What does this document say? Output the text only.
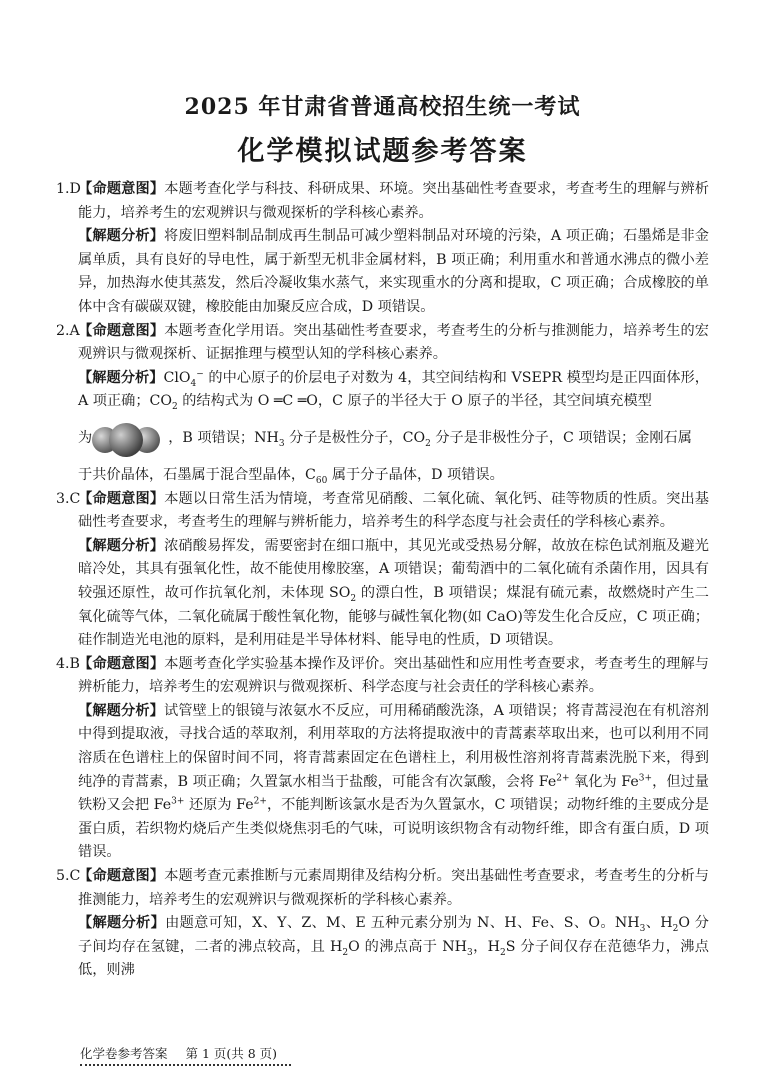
2025 年甘肃省普通高校招生统一考试
化学模拟试题参考答案

1.D【命题意图】本题考查化学与科技、科研成果、环境。突出基础性考查要求，考查考生的理解与辨析能力，培养考生的宏观辨识与微观探析的学科核心素养。

【解题分析】将废旧塑料制品制成再生制品可减少塑料制品对环境的污染，A 项正确；石墨烯是非金属单质，具有良好的导电性，属于新型无机非金属材料，B 项正确；利用重水和普通水沸点的微小差异，加热海水使其蒸发，然后冷凝收集水蒸气，来实现重水的分离和提取，C 项正确；合成橡胶的单体中含有碳碳双键，橡胶能由加聚反应合成，D 项错误。

2.A【命题意图】本题考查化学用语。突出基础性考查要求，考查考生的分析与推测能力，培养考生的宏观辨识与微观探析、证据推理与模型认知的学科核心素养。

【解题分析】ClO$_4$− 的中心原子的价层电子对数为 4，其空间结构和 VSEPR 模型均是正四面体形，A 项正确；$CO_2$ 的结构式为 O ═C ═O，C 原子的半径大于 O 原子的半径，其空间填充模型

为	，B 项错误；$NH_3$ 分子是极性分子，$CO_2$ 分子是非极性分子，C 项错误；金刚石属

于共价晶体，石墨属于混合型晶体，$C_{60}$ 属于分子晶体，D 项错误。

3.C【命题意图】本题以日常生活为情境，考查常见硝酸、二氧化硫、氧化钙、硅等物质的性质。突出基础性考查要求，考查考生的理解与辨析能力，培养考生的科学态度与社会责任的学科核心素养。

【解题分析】浓硝酸易挥发，需要密封在细口瓶中，其见光或受热易分解，故放在棕色试剂瓶及避光暗冷处，其具有强氧化性，故不能使用橡胶塞，A 项错误；葡萄酒中的二氧化硫有杀菌作用，因具有较强还原性，故可作抗氧化剂，未体现 $SO_2$ 的漂白性，B 项错误；煤混有硫元素，故燃烧时产生二氧化硫等气体，二氧化硫属于酸性氧化物，能够与碱性氧化物(如 CaO)等发生化合反应，C 项正确；硅作制造光电池的原料，是利用硅是半导体材料、能导电的性质，D 项错误。

4.B【命题意图】本题考查化学实验基本操作及评价。突出基础性和应用性考查要求，考查考生的理解与辨析能力，培养考生的宏观辨识与微观探析、科学态度与社会责任的学科核心素养。

【解题分析】试管壁上的银镜与浓氨水不反应，可用稀硝酸洗涤，A 项错误；将青蒿浸泡在有机溶剂中得到提取液，寻找合适的萃取剂，利用萃取的方法将提取液中的青蒿素萃取出来，也可以利用不同溶质在色谱柱上的保留时间不同，将青蒿素固定在色谱柱上，利用极性溶剂将青蒿素洗脱下来，得到纯净的青蒿素，B 项正确；久置氯水相当于盐酸，可能含有次氯酸，会将 $Fe^{2+}$ 氧化为 $Fe^{3+}$，但过量铁粉又会把 $Fe^{3+}$ 还原为 $Fe^{2+}$，不能判断该氯水是否为久置氯水，C 项错误；动物纤维的主要成分是蛋白质，若织物灼烧后产生类似烧焦羽毛的气味，可说明该织物含有动物纤维，即含有蛋白质，D 项错误。

5.C【命题意图】本题考查元素推断与元素周期律及结构分析。突出基础性考查要求，考查考生的分析与推测能力，培养考生的宏观辨识与微观探析的学科核心素养。

【解题分析】由题意可知，X、Y、Z、M、E 五种元素分别为 N、H、Fe、S、O。$NH_3$、$H_2O$ 分子间均存在氢键，二者的沸点较高，且 $H_2O$ 的沸点高于 $NH_3$，$H_2S$ 分子间仅存在范德华力，沸点低，则沸

化学卷参考答案 第 1 页(共 8 页)
